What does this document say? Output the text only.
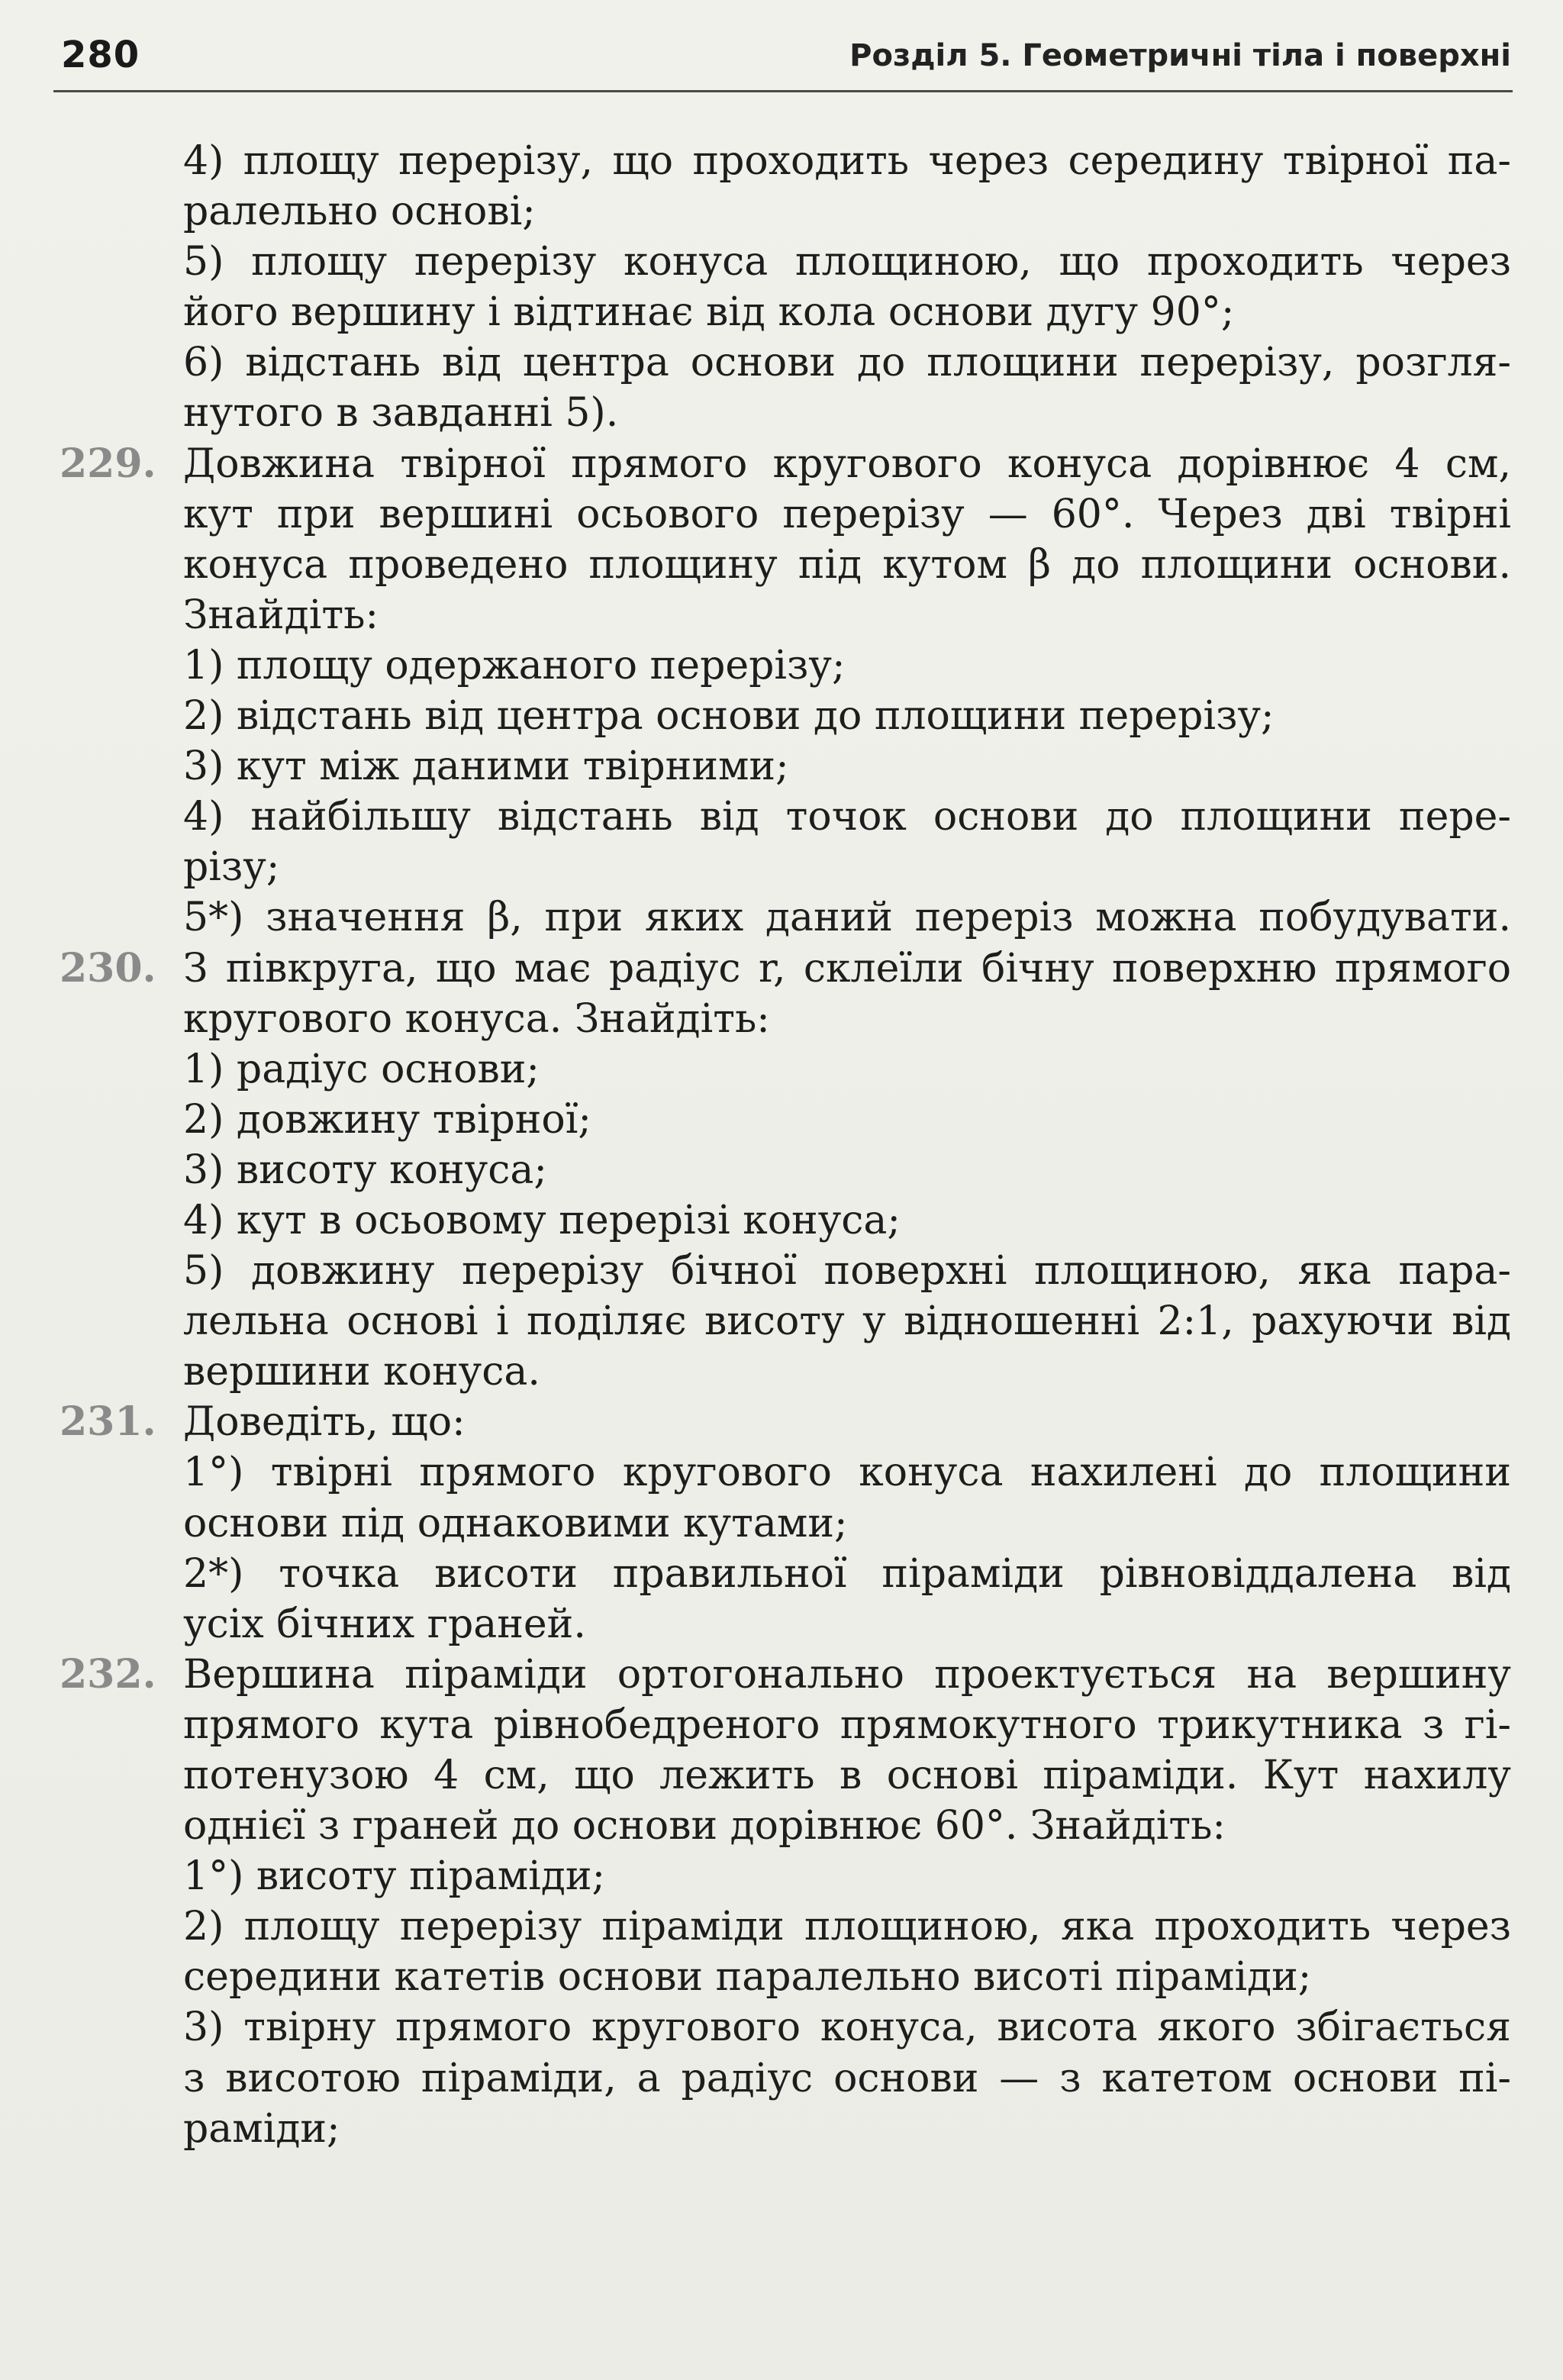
280	Розділ 5. Геометричні тіла і поверхні
4) площу перерізу, що проходить через середину твірної па-
ралельно основі;
5) площу перерізу конуса площиною, що проходить через
його вершину і відтинає від кола основи дугу 90°;
6) відстань від центра основи до площини перерізу, розгля-
нутого в завданні 5).
229. Довжина твірної прямого кругового конуса дорівнює 4 см,
кут при вершині осьового перерізу — 60°. Через дві твірні
конуса проведено площину під кутом β до площини основи.
Знайдіть:
1) площу одержаного перерізу;
2) відстань від центра основи до площини перерізу;
3) кут між даними твірними;
4) найбільшу відстань від точок основи до площини пере-
різу;
5*) значення β, при яких даний переріз можна побудувати.
230. З півкруга, що має радіус r, склеїли бічну поверхню прямого
кругового конуса. Знайдіть:
1) радіус основи;
2) довжину твірної;
3) висоту конуса;
4) кут в осьовому перерізі конуса;
5) довжину перерізу бічної поверхні площиною, яка пара-
лельна основі і поділяє висоту у відношенні 2:1, рахуючи від
вершини конуса.
231. Доведіть, що:
1°) твірні прямого кругового конуса нахилені до площини
основи під однаковими кутами;
2*) точка висоти правильної піраміди рівновіддалена від
усіх бічних граней.
232. Вершина піраміди ортогонально проектується на вершину
прямого кута рівнобедреного прямокутного трикутника з гі-
потенузою 4 см, що лежить в основі піраміди. Кут нахилу
однієї з граней до основи дорівнює 60°. Знайдіть:
1°) висоту піраміди;
2) площу перерізу піраміди площиною, яка проходить через
середини катетів основи паралельно висоті піраміди;
3) твірну прямого кругового конуса, висота якого збігається
з висотою піраміди, а радіус основи — з катетом основи пі-
раміди;
